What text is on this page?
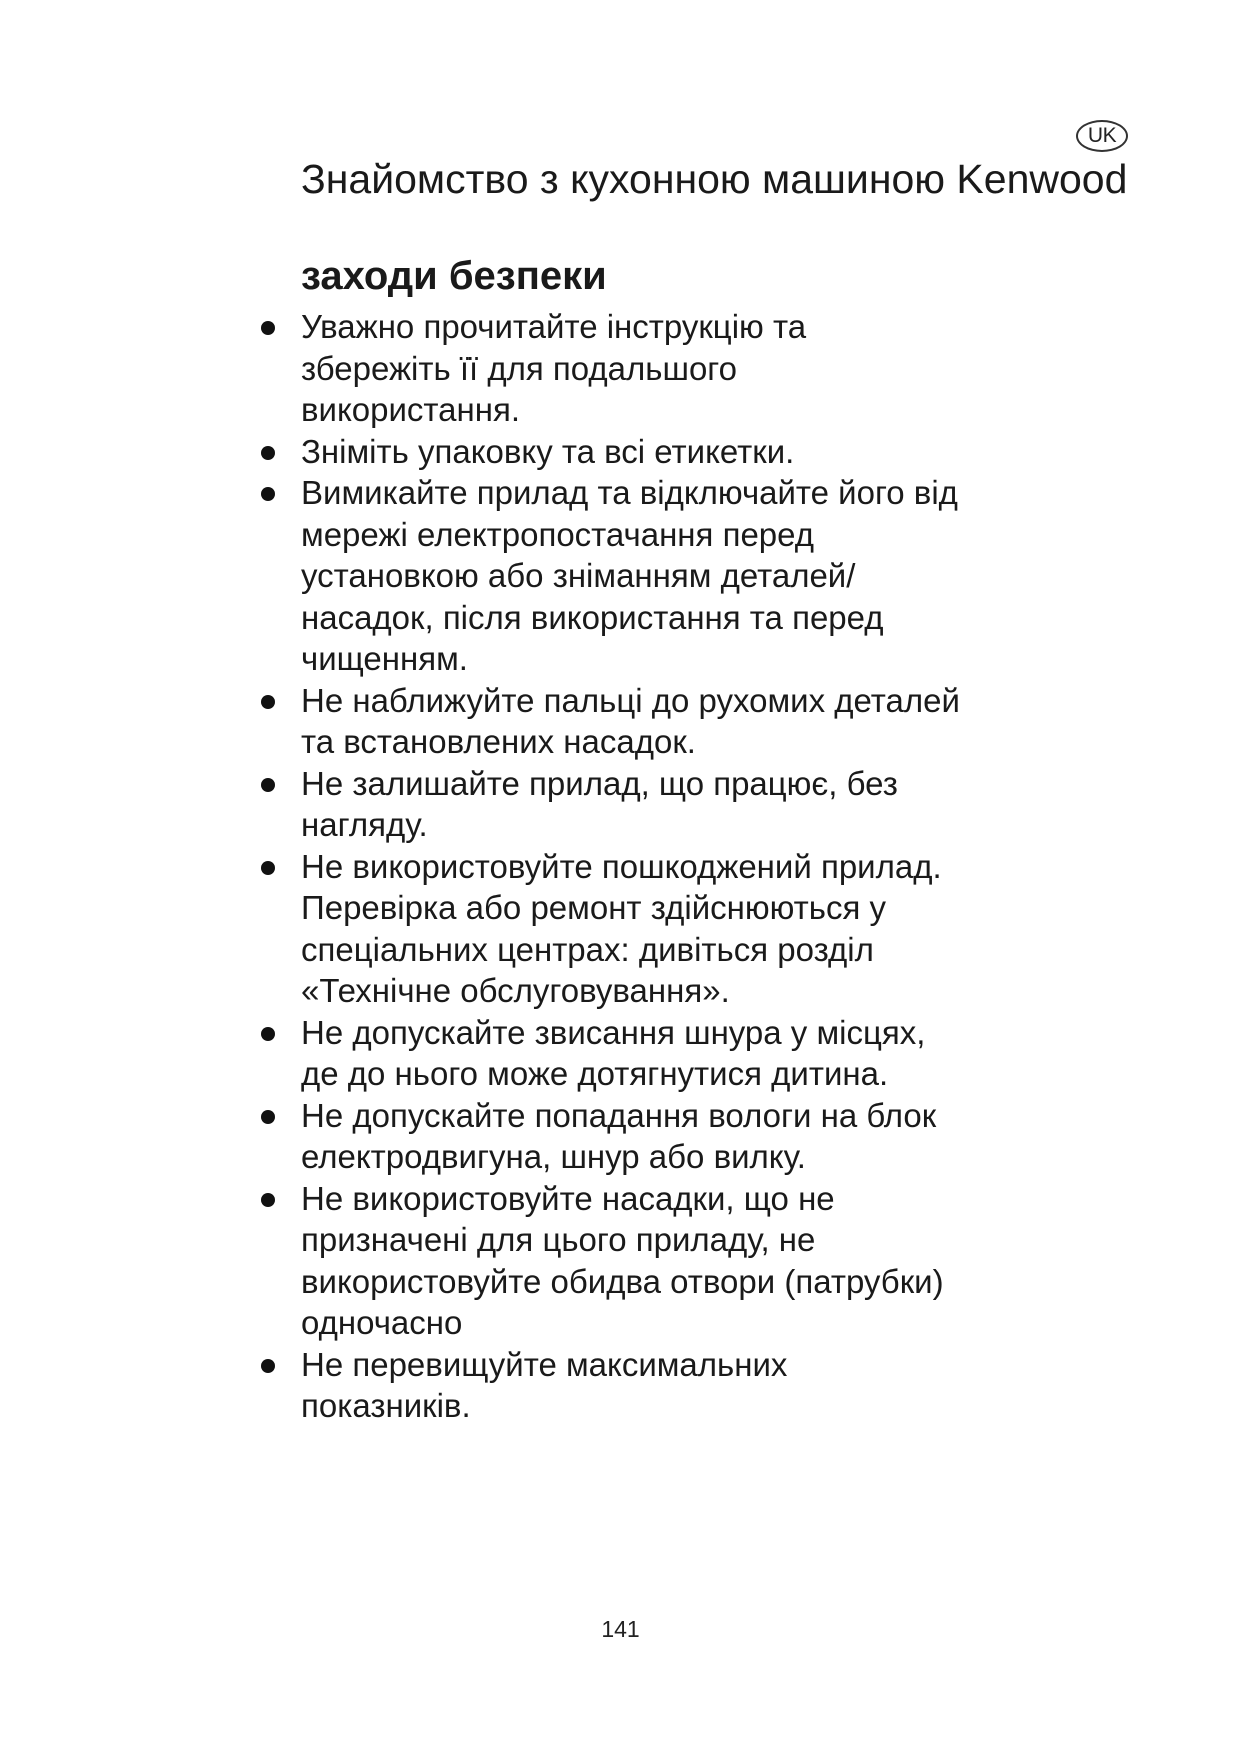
UK
Знайомство з кухонною машиною Kenwood
заходи безпеки
Уважно прочитайте інструкцію та збережіть її для подальшого використання.
Зніміть упаковку та всі етикетки.
Вимикайте прилад та відключайте його від мережі електропостачання перед установкою або зніманням деталей/насадок, після використання та перед чищенням.
Не наближуйте пальці до рухомих деталей та встановлених насадок.
Не залишайте прилад, що працює, без нагляду.
Не використовуйте пошкоджений прилад. Перевірка або ремонт здійснюються у спеціальних центрах: дивіться розділ «Технічне обслуговування».
Не допускайте звисання шнура у місцях, де до нього може дотягнутися дитина.
Не допускайте попадання вологи на блок електродвигуна, шнур або вилку.
Не використовуйте насадки, що не призначені для цього приладу, не використовуйте обидва отвори (патрубки) одночасно
Не перевищуйте максимальних показників.
141
